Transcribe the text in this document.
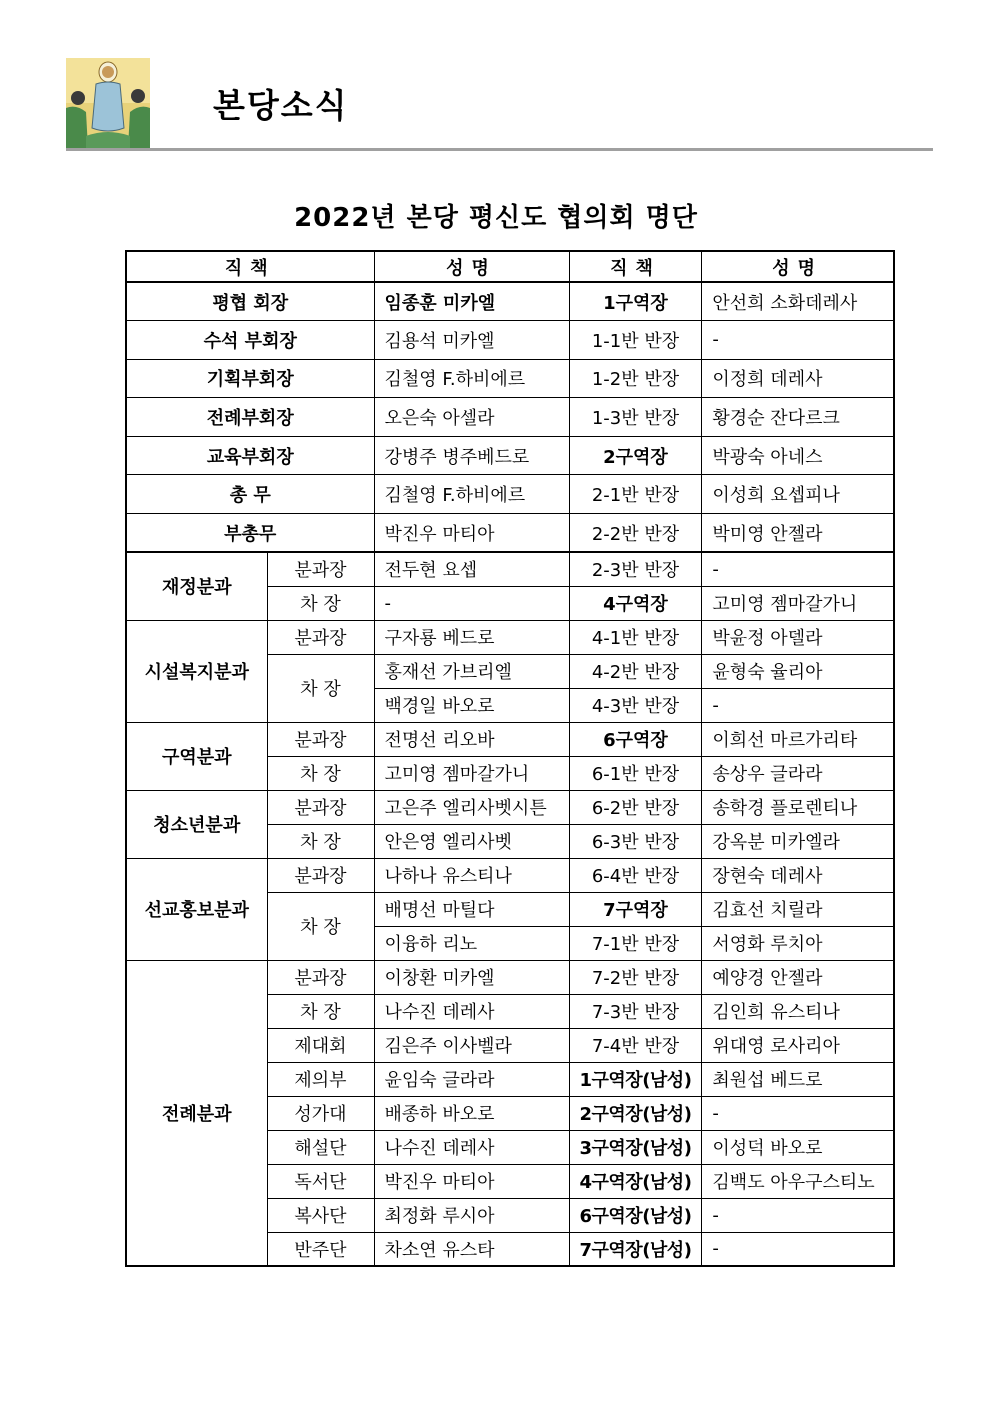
본당소식
2022년 본당 평신도 협의회 명단
직책		성명	직책	성명
평협 회장		임종훈 미카엘	1구역장	안선희 소화데레사
수석 부회장		김용석 미카엘	1-1반 반장	-
기획부회장		김철영 F.하비에르	1-2반 반장	이정희 데레사
전례부회장		오은숙 아셀라	1-3반 반장	황경순 잔다르크
교육부회장		강병주 병주베드로	2구역장	박광숙 아네스
총 무		김철영 F.하비에르	2-1반 반장	이성희 요셉피나
부총무		박진우 마티아	2-2반 반장	박미영 안젤라
재정분과	분과장	전두현 요셉	2-3반 반장	-
	차 장	-	4구역장	고미영 젬마갈가니
시설복지분과	분과장	구자룡 베드로	4-1반 반장	박윤정 아델라
	차 장	홍재선 가브리엘	4-2반 반장	윤형숙 율리아
		백경일 바오로	4-3반 반장	-
구역분과	분과장	전명선 리오바	6구역장	이희선 마르가리타
	차 장	고미영 젬마갈가니	6-1반 반장	송상우 글라라
청소년분과	분과장	고은주 엘리사벳시튼	6-2반 반장	송학경 플로렌티나
	차 장	안은영 엘리사벳	6-3반 반장	강옥분 미카엘라
선교홍보분과	분과장	나하나 유스티나	6-4반 반장	장현숙 데레사
	차 장	배명선 마틸다	7구역장	김효선 치릴라
		이융하 리노	7-1반 반장	서영화 루치아
전례분과	분과장	이창환 미카엘	7-2반 반장	예양경 안젤라
	차 장	나수진 데레사	7-3반 반장	김인희 유스티나
	제대회	김은주 이사벨라	7-4반 반장	위대영 로사리아
	제의부	윤임숙 글라라	1구역장(남성)	최원섭 베드로
	성가대	배종하 바오로	2구역장(남성)	-
	해설단	나수진 데레사	3구역장(남성)	이성덕 바오로
	독서단	박진우 마티아	4구역장(남성)	김백도 아우구스티노
	복사단	최정화 루시아	6구역장(남성)	-
	반주단	차소연 유스타	7구역장(남성)	-
